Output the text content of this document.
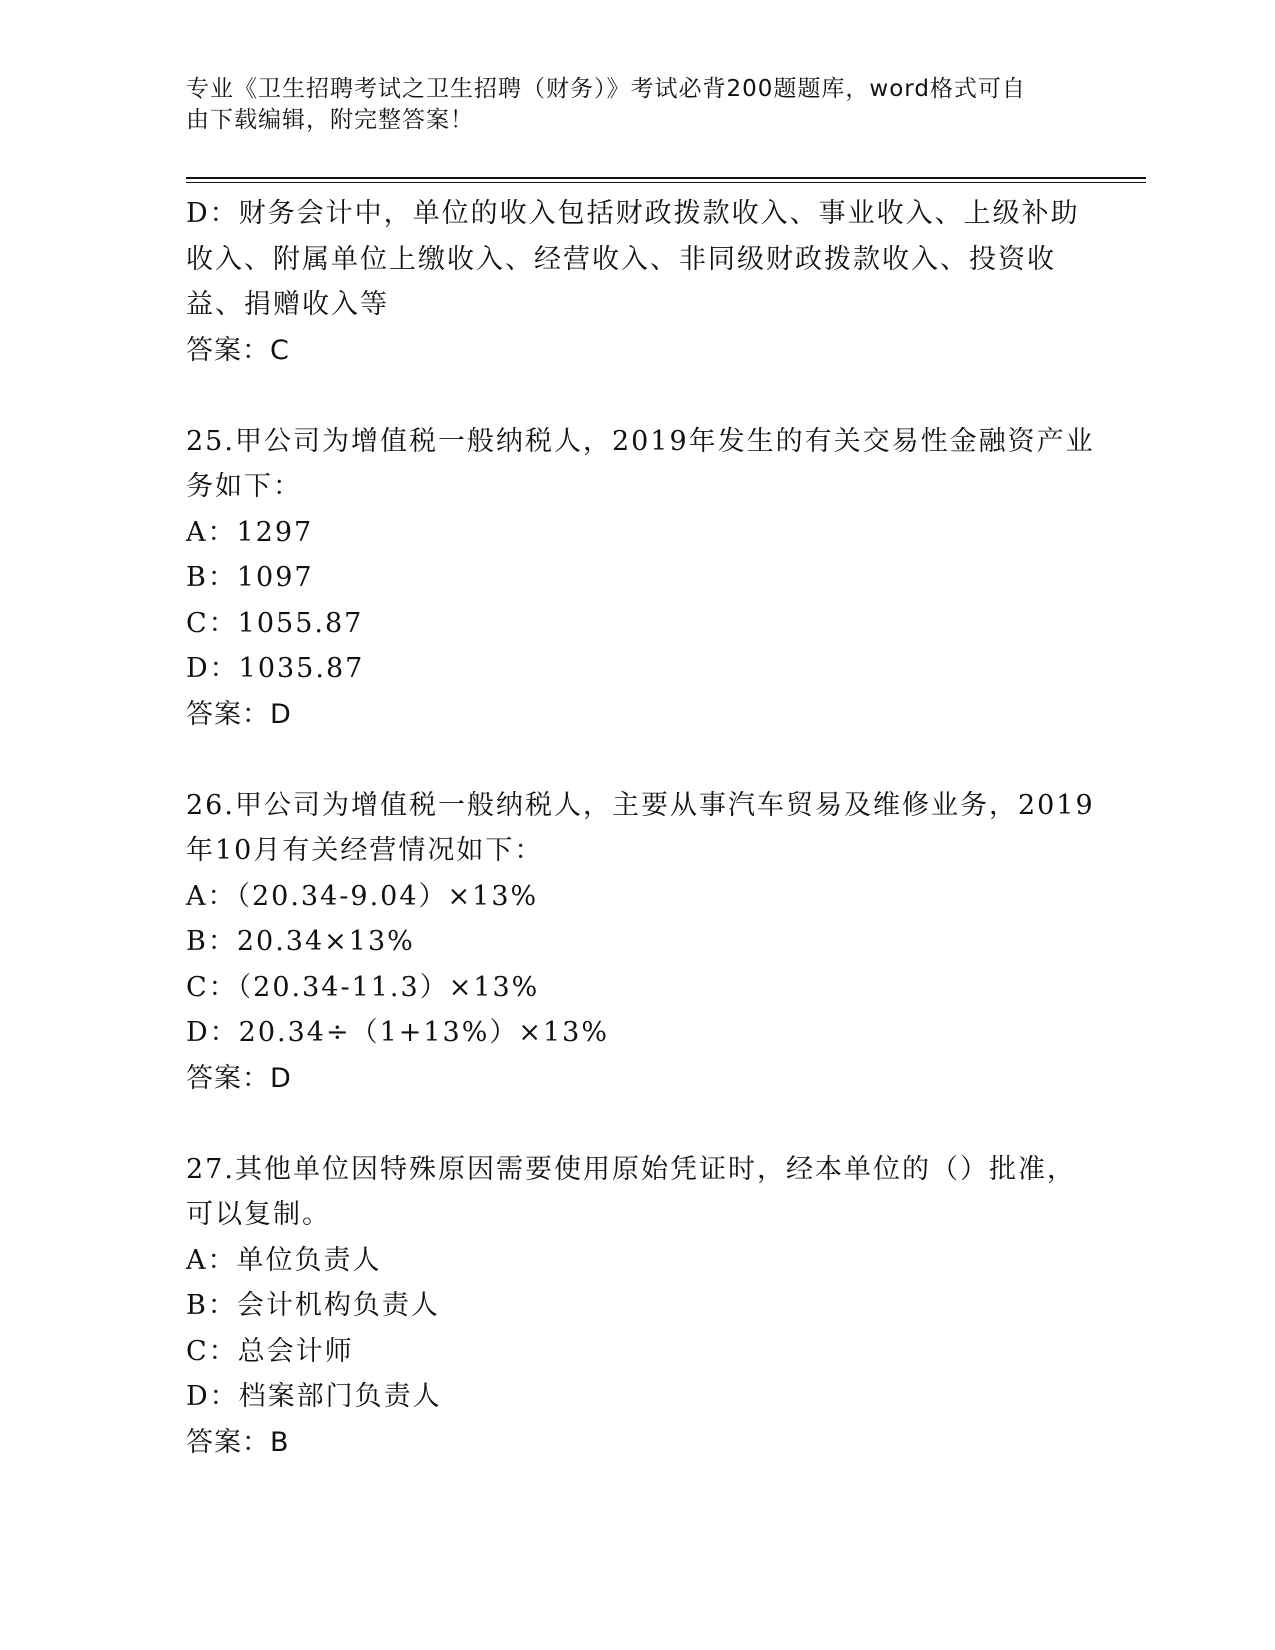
专业《卫生招聘考试之卫生招聘（财务）》考试必背200题题库，word格式可自
由下载编辑，附完整答案！
D：财务会计中，单位的收入包括财政拨款收入、事业收入、上级补助
收入、附属单位上缴收入、经营收入、非同级财政拨款收入、投资收
益、捐赠收入等
答案：C
25.甲公司为增值税一般纳税人，2019年发生的有关交易性金融资产业
务如下：
A：1297
B：1097
C：1055.87
D：1035.87
答案：D
26.甲公司为增值税一般纳税人，主要从事汽车贸易及维修业务，2019
年10月有关经营情况如下：
A：（20.34-9.04）×13%
B：20.34×13%
C：（20.34-11.3）×13%
D：20.34÷（1+13%）×13%
答案：D
27.其他单位因特殊原因需要使用原始凭证时，经本单位的（）批准，
可以复制。
A：单位负责人
B：会计机构负责人
C：总会计师
D：档案部门负责人
答案：B
